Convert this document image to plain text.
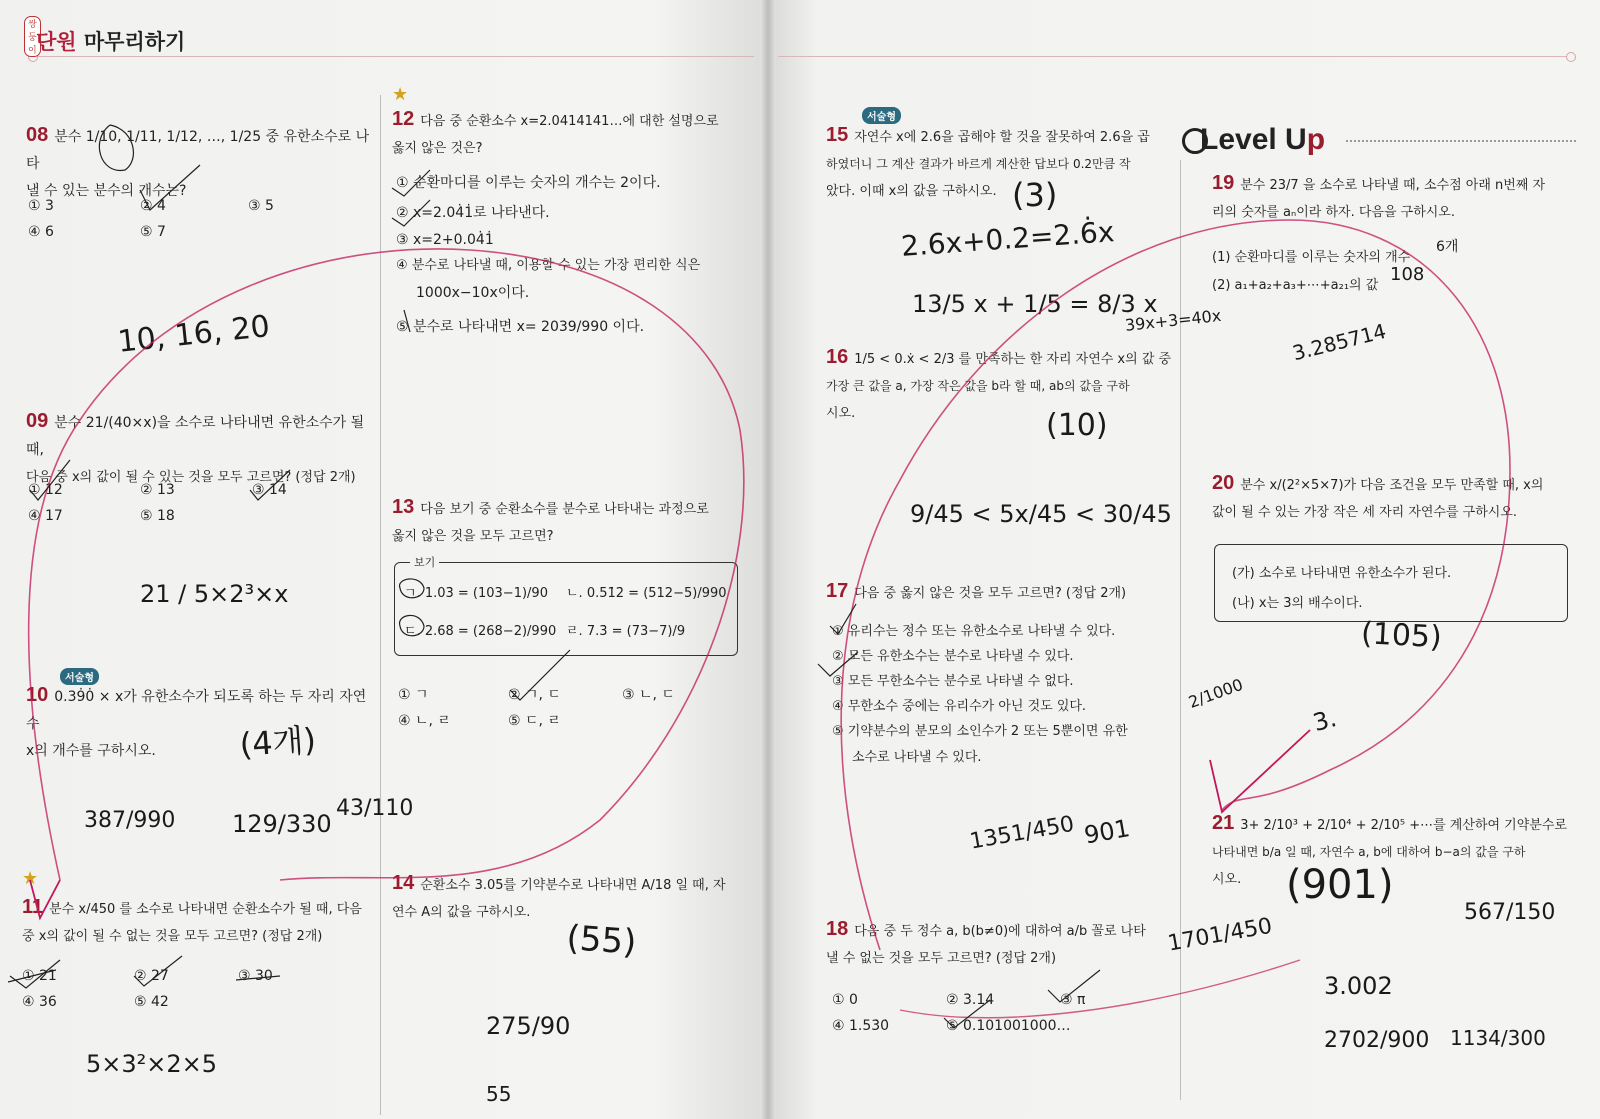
쌍둥이 단원 마무리하기
08 분수 1/10, 1/11, 1/12, …, 1/25 중 유한소수로 나타
낼 수 있는 분수의 개수는?
① 3	② 4	③ 5
④ 6	⑤ 7
09 분수 21/(40×x)을 소수로 나타내면 유한소수가 될 때,
다음 중 x의 값이 될 수 있는 것을 모두 고르면? (정답 2개)
① 12	② 13	③ 14
④ 17	⑤ 18
서술형
10 0.39̇0̇ × x가 유한소수가 되도록 하는 두 자리 자연수
x의 개수를 구하시오.
★
11 분수 x/450 를 소수로 나타내면 순환소수가 될 때, 다음
중 x의 값이 될 수 없는 것을 모두 고르면? (정답 2개)
① 21	② 27	③ 30
④ 36	⑤ 42
★
12 다음 중 순환소수 x=2.0414141…에 대한 설명으로
옳지 않은 것은?
① 순환마디를 이루는 숫자의 개수는 2이다.
② x=2.04̇1̇로 나타낸다.
③ x=2+0.04̇1̇
④ 분수로 나타낼 때, 이용할 수 있는 가장 편리한 식은
1000x−10x이다.
⑤ 분수로 나타내면 x= 2039/990 이다.
13 다음 보기 중 순환소수를 분수로 나타내는 과정으로
옳지 않은 것을 모두 고르면?
보기
ㄱ. 1.03̇ = (103−1)/90 ㄴ. 0.51̇2̇ = (512−5)/990
ㄷ. 2.6̇8̇ = (268−2)/990 ㄹ. 7.3̇ = (73−7)/9
① ㄱ	② ㄱ, ㄷ	③ ㄴ, ㄷ
④ ㄴ, ㄹ	⑤ ㄷ, ㄹ
14 순환소수 3.05̇를 기약분수로 나타내면 A/18 일 때, 자
연수 A의 값을 구하시오.
서술형
15 자연수 x에 2.6̇을 곱해야 할 것을 잘못하여 2.6을 곱
하였더니 그 계산 결과가 바르게 계산한 답보다 0.2만큼 작
았다. 이때 x의 값을 구하시오.
16 1/5 < 0.ẋ < 2/3 를 만족하는 한 자리 자연수 x의 값 중
가장 큰 값을 a, 가장 작은 값을 b라 할 때, ab의 값을 구하
시오.
17 다음 중 옳지 않은 것을 모두 고르면? (정답 2개)
① 유리수는 정수 또는 유한소수로 나타낼 수 있다.
② 모든 유한소수는 분수로 나타낼 수 있다.
③ 모든 무한소수는 분수로 나타낼 수 없다.
④ 무한소수 중에는 유리수가 아닌 것도 있다.
⑤ 기약분수의 분모의 소인수가 2 또는 5뿐이면 유한
소수로 나타낼 수 있다.
18 다음 중 두 정수 a, b(b≠0)에 대하여 a/b 꼴로 나타
낼 수 없는 것을 모두 고르면? (정답 2개)
① 0	② 3.14	③ π
④ 1.53̇0̇	⑤ 0.101001000…
Level Up
19 분수 23/7 을 소수로 나타낼 때, 소수점 아래 n번째 자
리의 숫자를 aₙ이라 하자. 다음을 구하시오.
(1) 순환마디를 이루는 숫자의 개수
(2) a₁+a₂+a₃+⋯+a₂₁의 값
20 분수 x/(2²×5×7)가 다음 조건을 모두 만족할 때, x의
값이 될 수 있는 가장 작은 세 자리 자연수를 구하시오.
(가) 소수로 나타내면 유한소수가 된다.
(나) x는 3의 배수이다.
21 3+ 2/10³ + 2/10⁴ + 2/10⁵ +⋯를 계산하여 기약분수로
나타내면 b/a 일 때, 자연수 a, b에 대하여 b−a의 값을 구하
시오.
10, 16, 20
21 / 5×2³×x
(4개)
387/990 129/330
43/110
5×3²×2×5
(55)
275/90
55
(3)
2.6x+0.2=2.6̇x
13/5 x + 1/5 = 8/3 x
39x+3=40x
(10)
9/45 < 5x/45 < 30/45
1351/450 901
1701/450
6개
108
3.285714
(105)
2/1000
3.
(901)
567/150
3.002
2702/900 1134/300
